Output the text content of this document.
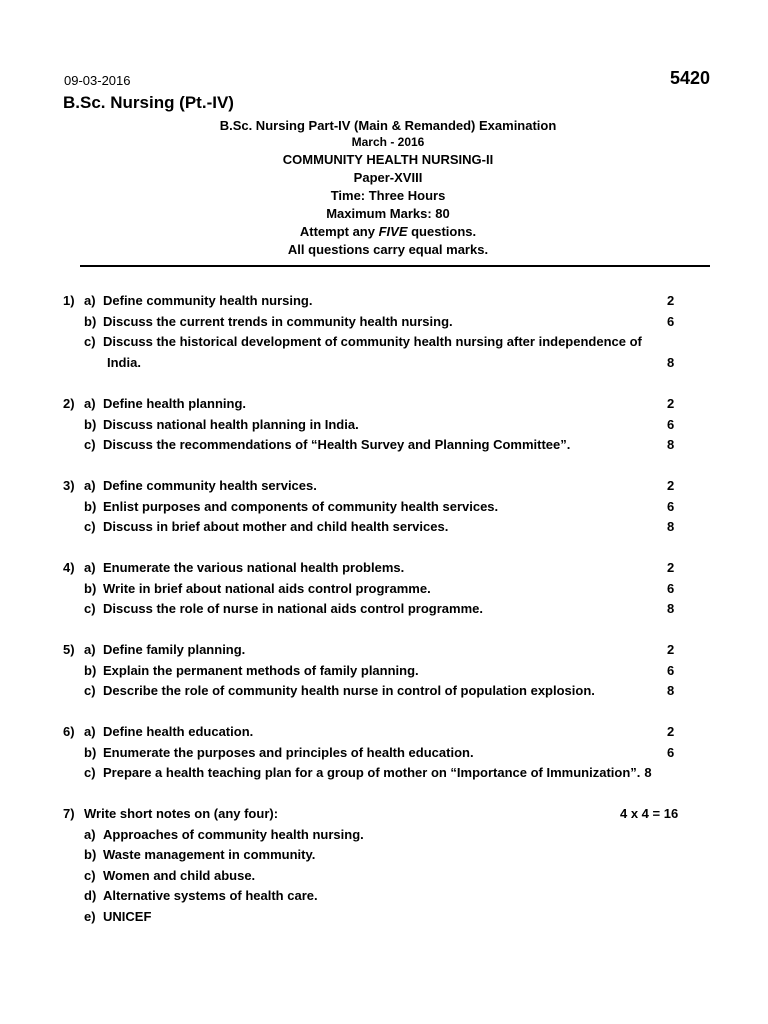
09-03-2016	5420
B.Sc. Nursing (Pt.-IV)
B.Sc. Nursing Part-IV (Main & Remanded) Examination
March - 2016
COMMUNITY HEALTH NURSING-II
Paper-XVIII
Time: Three Hours
Maximum Marks: 80
Attempt any FIVE questions.
All questions carry equal marks.
1) a) Define community health nursing.	2
b) Discuss the current trends in community health nursing.	6
c) Discuss the historical development of community health nursing after independence of
India.	8
2) a) Define health planning.	2
b) Discuss national health planning in India.	6
c) Discuss the recommendations of “Health Survey and Planning Committee”.	8
3) a) Define community health services.	2
b) Enlist purposes and components of community health services.	6
c) Discuss in brief about mother and child health services.	8
4) a) Enumerate the various national health problems.	2
b) Write in brief about national aids control programme.	6
c) Discuss the role of nurse in national aids control programme.	8
5) a) Define family planning.	2
b) Explain the permanent methods of family planning.	6
c) Describe the role of community health nurse in control of population explosion.	8
6) a) Define health education.	2
b) Enumerate the purposes and principles of health education.	6
c) Prepare a health teaching plan for a group of mother on “Importance of Immunization”. 8
7) Write short notes on (any four):	4 x 4 = 16
a) Approaches of community health nursing.
b) Waste management in community.
c) Women and child abuse.
d) Alternative systems of health care.
e) UNICEF
